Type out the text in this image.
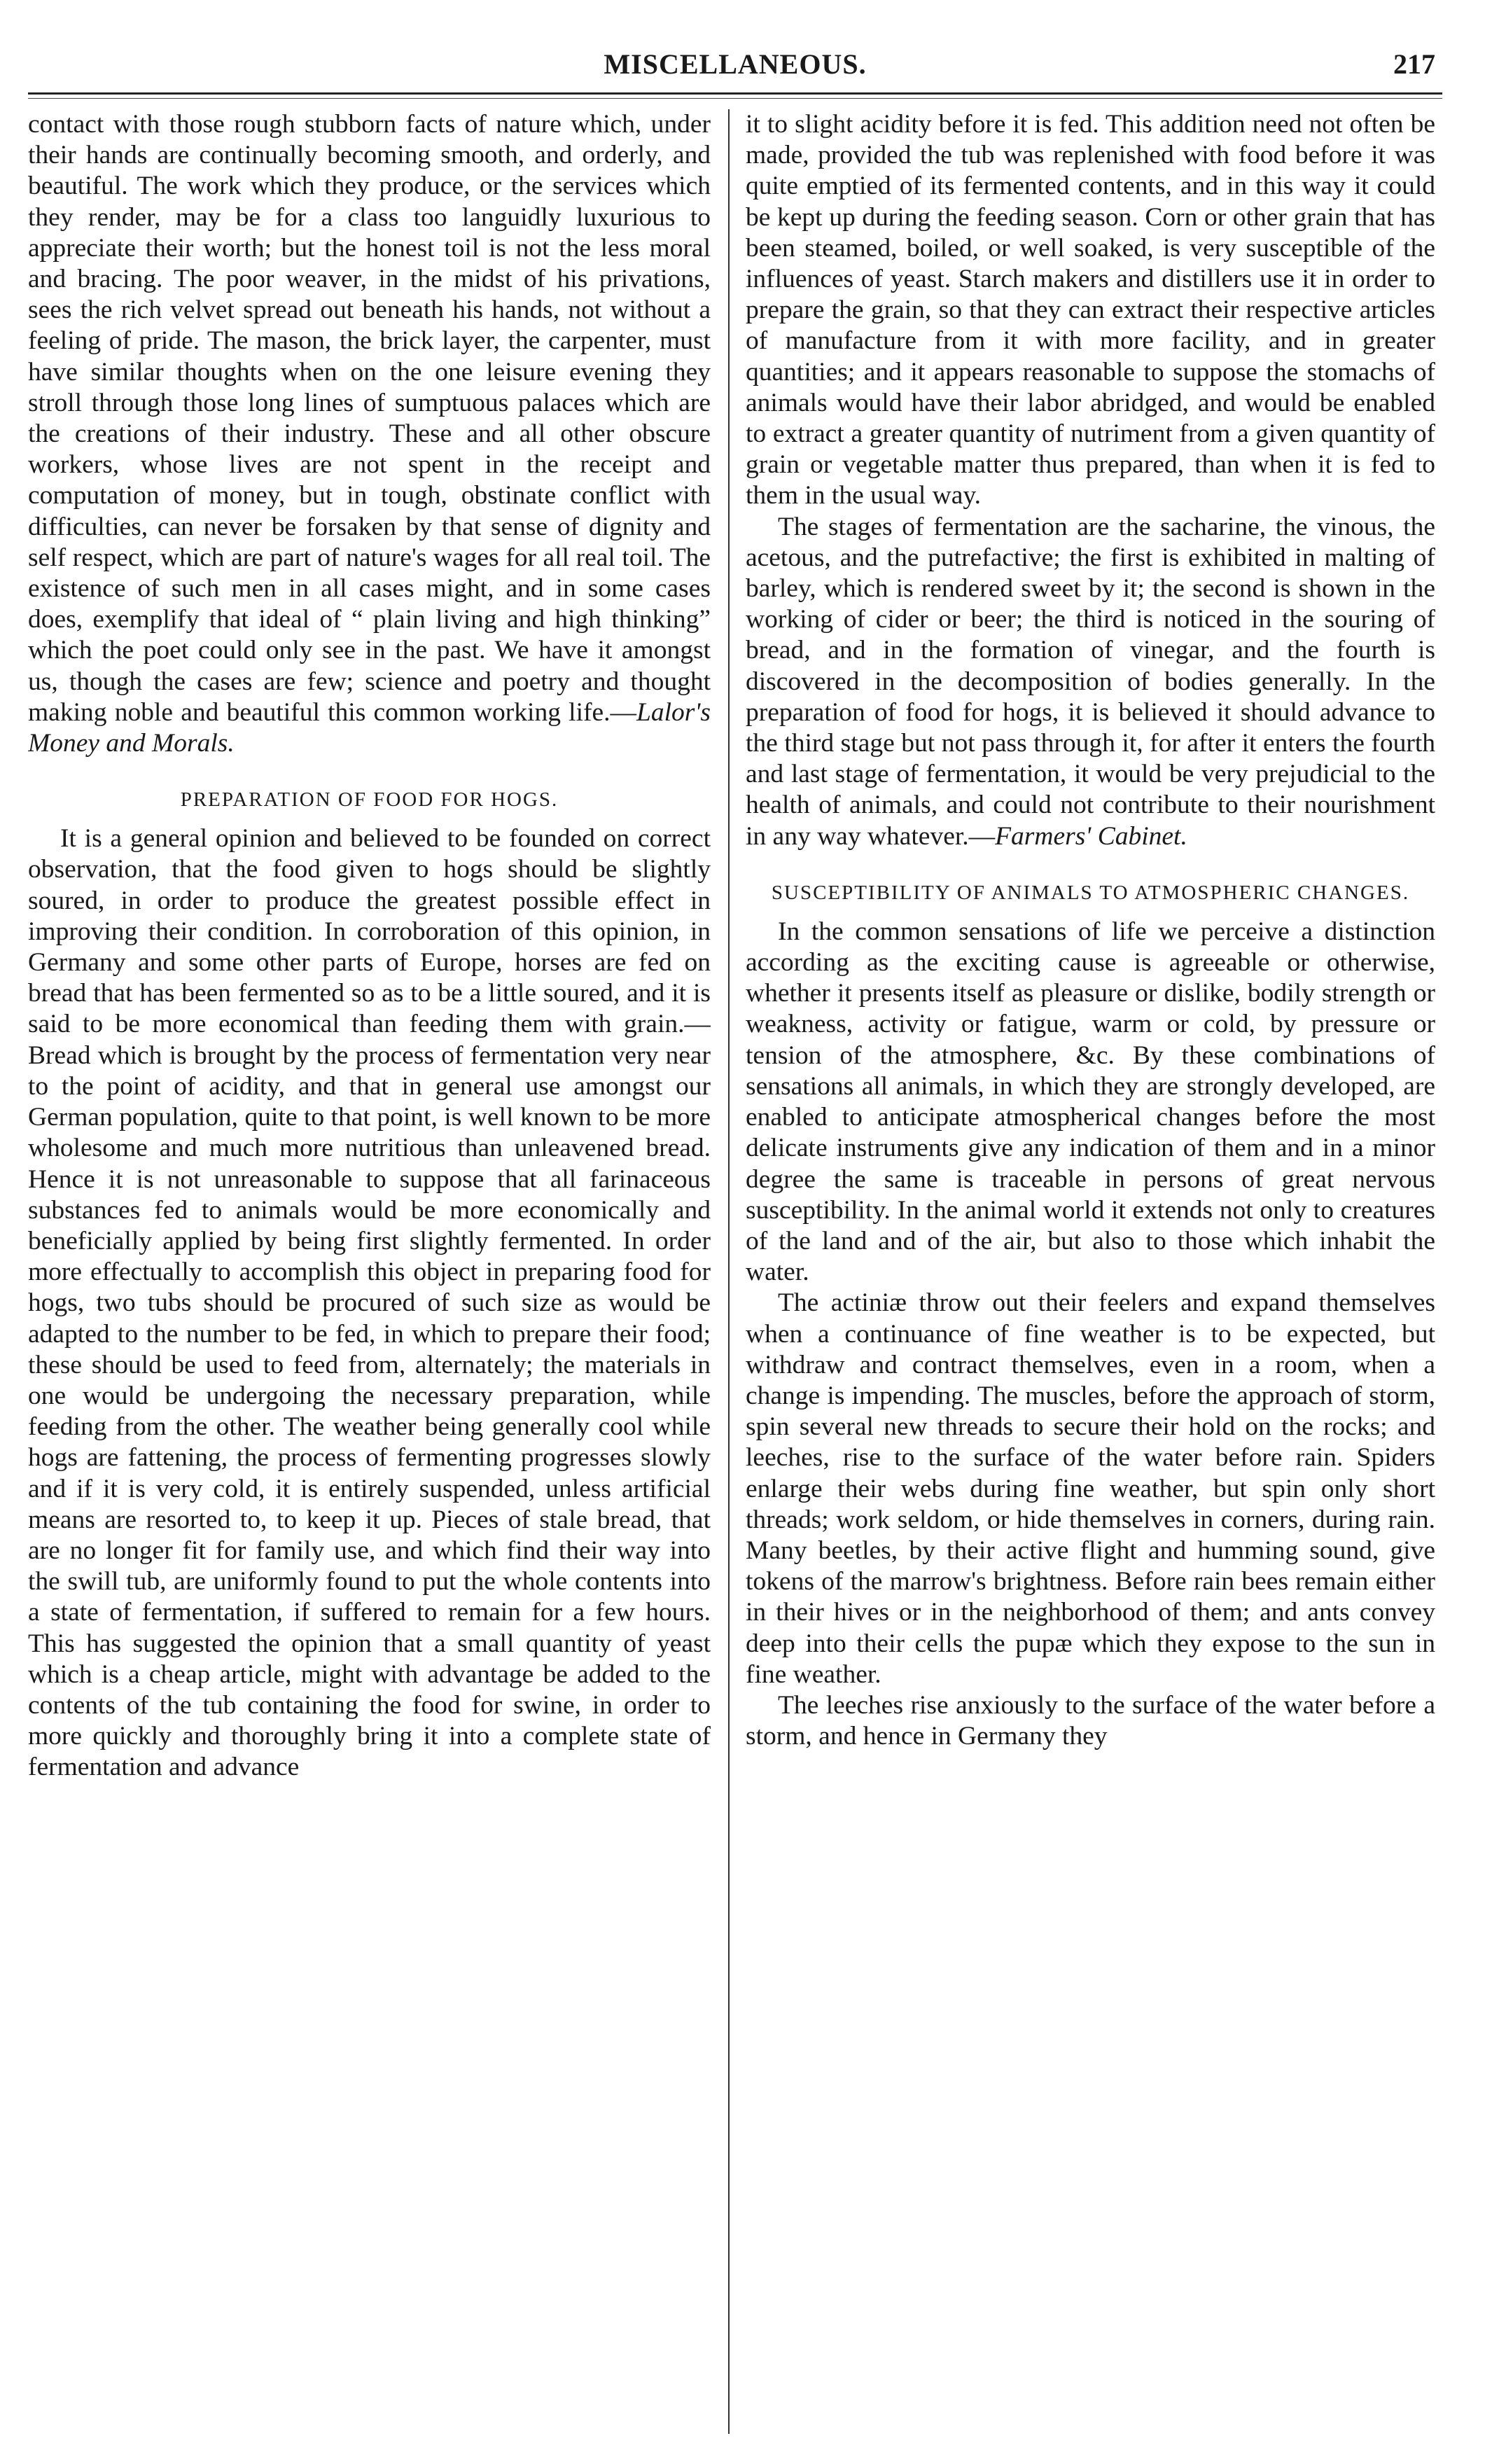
MISCELLANEOUS.	217

contact with those rough stubborn facts of nature which, under their hands are continually becoming smooth, and orderly, and beautiful. The work which they produce, or the services which they render, may be for a class too languidly luxurious to appreciate their worth; but the honest toil is not the less moral and bracing. The poor weaver, in the midst of his privations, sees the rich velvet spread out beneath his hands, not without a feeling of pride. The mason, the brick layer, the carpenter, must have similar thoughts when on the one leisure evening they stroll through those long lines of sumptuous palaces which are the creations of their industry. These and all other obscure workers, whose lives are not spent in the receipt and computation of money, but in tough, obstinate conflict with difficulties, can never be forsaken by that sense of dignity and self respect, which are part of nature's wages for all real toil. The existence of such men in all cases might, and in some cases does, exemplify that ideal of “ plain living and high thinking” which the poet could only see in the past. We have it amongst us, though the cases are few; science and poetry and thought making noble and beautiful this common working life.—Lalor's Money and Morals.

PREPARATION OF FOOD FOR HOGS.

It is a general opinion and believed to be founded on correct observation, that the food given to hogs should be slightly soured, in order to produce the greatest possible effect in improving their condition. In corroboration of this opinion, in Germany and some other parts of Europe, horses are fed on bread that has been fermented so as to be a little soured, and it is said to be more economical than feeding them with grain.—Bread which is brought by the process of fermentation very near to the point of acidity, and that in general use amongst our German population, quite to that point, is well known to be more wholesome and much more nutritious than unleavened bread. Hence it is not unreasonable to suppose that all farinaceous substances fed to animals would be more economically and beneficially applied by being first slightly fermented. In order more effectually to accomplish this object in preparing food for hogs, two tubs should be procured of such size as would be adapted to the number to be fed, in which to prepare their food; these should be used to feed from, alternately; the materials in one would be undergoing the necessary preparation, while feeding from the other. The weather being generally cool while hogs are fattening, the process of fermenting progresses slowly and if it is very cold, it is entirely suspended, unless artificial means are resorted to, to keep it up. Pieces of stale bread, that are no longer fit for family use, and which find their way into the swill tub, are uniformly found to put the whole contents into a state of fermentation, if suffered to remain for a few hours. This has suggested the opinion that a small quantity of yeast which is a cheap article, might with advantage be added to the contents of the tub containing the food for swine, in order to more quickly and thoroughly bring it into a complete state of fermentation and advance

it to slight acidity before it is fed. This addition need not often be made, provided the tub was replenished with food before it was quite emptied of its fermented contents, and in this way it could be kept up during the feeding season. Corn or other grain that has been steamed, boiled, or well soaked, is very susceptible of the influences of yeast. Starch makers and distillers use it in order to prepare the grain, so that they can extract their respective articles of manufacture from it with more facility, and in greater quantities; and it appears reasonable to suppose the stomachs of animals would have their labor abridged, and would be enabled to extract a greater quantity of nutriment from a given quantity of grain or vegetable matter thus prepared, than when it is fed to them in the usual way.

The stages of fermentation are the sacharine, the vinous, the acetous, and the putrefactive; the first is exhibited in malting of barley, which is rendered sweet by it; the second is shown in the working of cider or beer; the third is noticed in the souring of bread, and in the formation of vinegar, and the fourth is discovered in the decomposition of bodies generally. In the preparation of food for hogs, it is believed it should advance to the third stage but not pass through it, for after it enters the fourth and last stage of fermentation, it would be very prejudicial to the health of animals, and could not contribute to their nourishment in any way whatever.—Farmers' Cabinet.

SUSCEPTIBILITY OF ANIMALS TO ATMOSPHERIC CHANGES.

In the common sensations of life we perceive a distinction according as the exciting cause is agreeable or otherwise, whether it presents itself as pleasure or dislike, bodily strength or weakness, activity or fatigue, warm or cold, by pressure or tension of the atmosphere, &c. By these combinations of sensations all animals, in which they are strongly developed, are enabled to anticipate atmospherical changes before the most delicate instruments give any indication of them and in a minor degree the same is traceable in persons of great nervous susceptibility. In the animal world it extends not only to creatures of the land and of the air, but also to those which inhabit the water.

The actiniæ throw out their feelers and expand themselves when a continuance of fine weather is to be expected, but withdraw and contract themselves, even in a room, when a change is impending. The muscles, before the approach of storm, spin several new threads to secure their hold on the rocks; and leeches, rise to the surface of the water before rain. Spiders enlarge their webs during fine weather, but spin only short threads; work seldom, or hide themselves in corners, during rain. Many beetles, by their active flight and humming sound, give tokens of the marrow's brightness. Before rain bees remain either in their hives or in the neighborhood of them; and ants convey deep into their cells the pupæ which they expose to the sun in fine weather.

The leeches rise anxiously to the surface of the water before a storm, and hence in Germany they
